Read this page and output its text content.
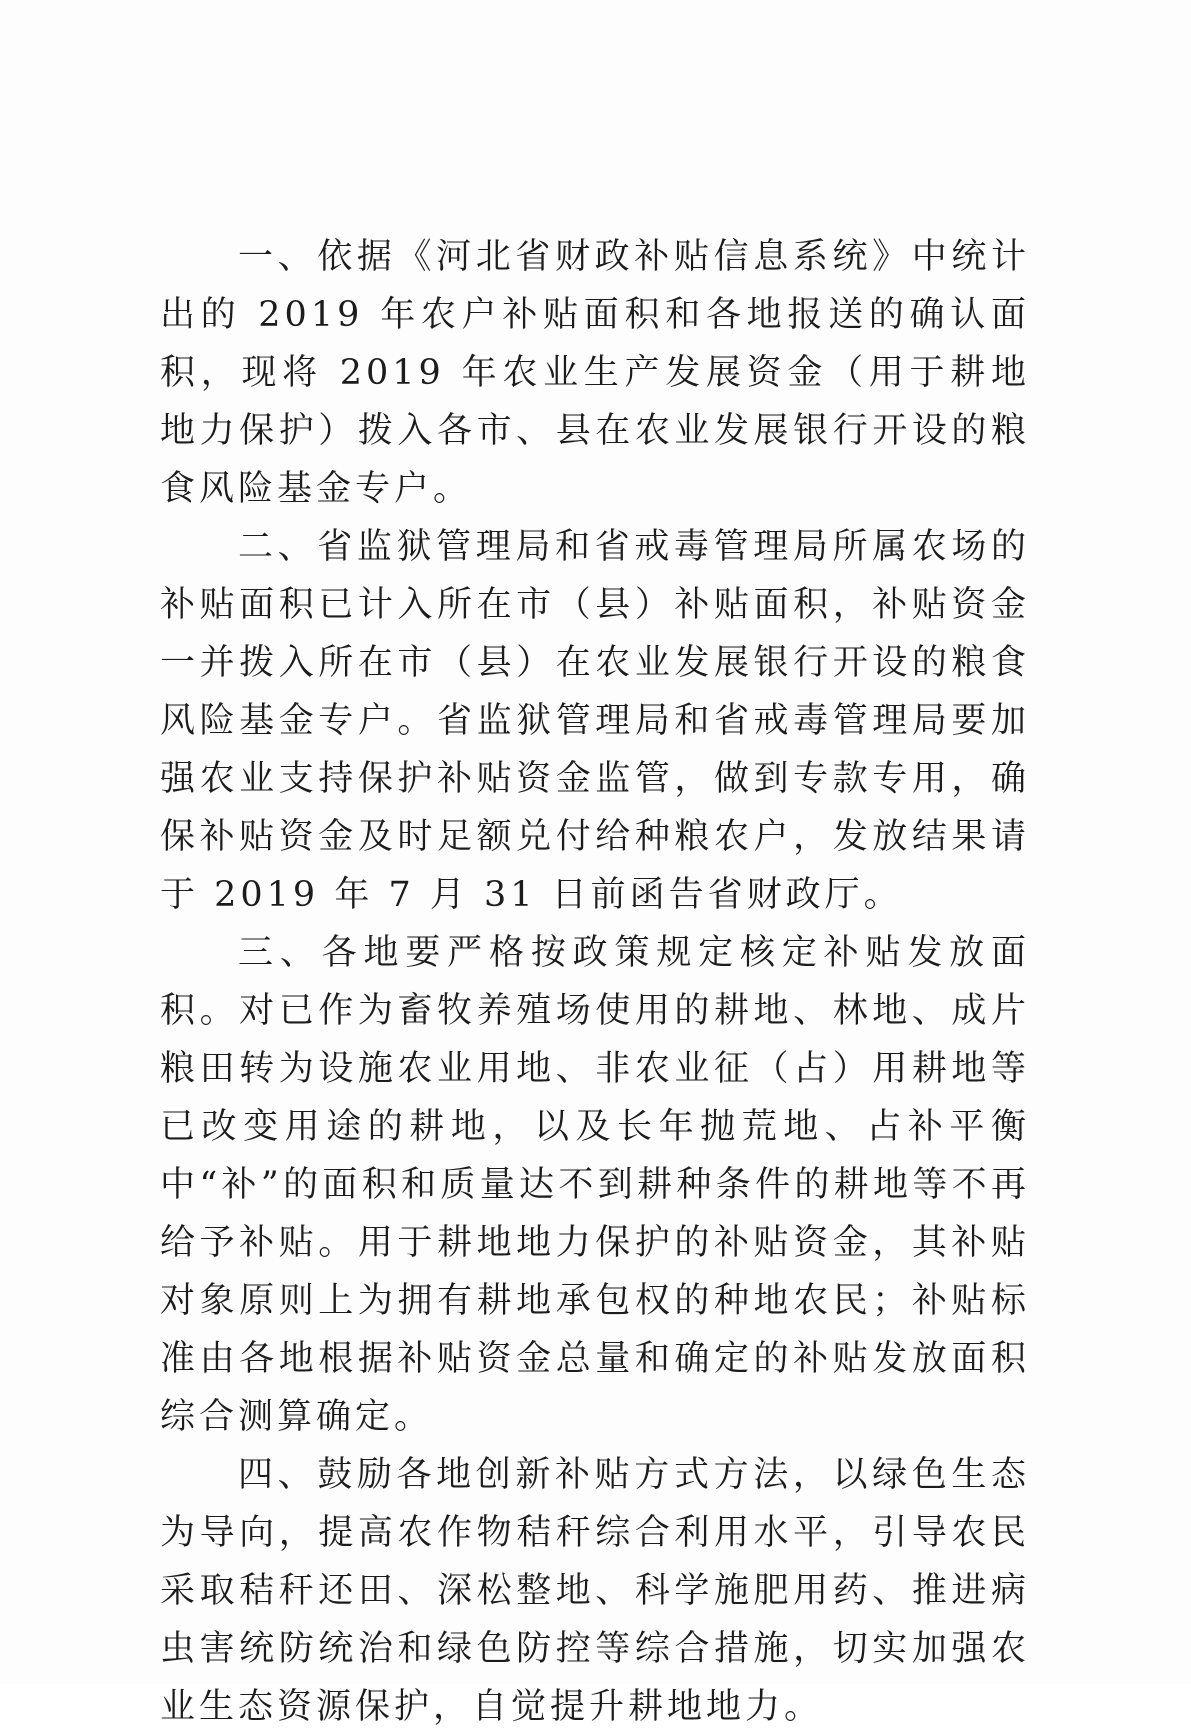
一、依据《河北省财政补贴信息系统》中统计出的 2019 年农户补贴面积和各地报送的确认面积，现将 2019 年农业生产发展资金（用于耕地地力保护）拨入各市、县在农业发展银行开设的粮食风险基金专户。

二、省监狱管理局和省戒毒管理局所属农场的补贴面积已计入所在市（县）补贴面积，补贴资金一并拨入所在市（县）在农业发展银行开设的粮食风险基金专户。省监狱管理局和省戒毒管理局要加强农业支持保护补贴资金监管，做到专款专用，确保补贴资金及时足额兑付给种粮农户，发放结果请于 2019 年 7 月 31 日前函告省财政厅。

三、各地要严格按政策规定核定补贴发放面积。对已作为畜牧养殖场使用的耕地、林地、成片粮田转为设施农业用地、非农业征（占）用耕地等已改变用途的耕地，以及长年抛荒地、占补平衡中“补”的面积和质量达不到耕种条件的耕地等不再给予补贴。用于耕地地力保护的补贴资金，其补贴对象原则上为拥有耕地承包权的种地农民；补贴标准由各地根据补贴资金总量和确定的补贴发放面积综合测算确定。

四、鼓励各地创新补贴方式方法，以绿色生态为导向，提高农作物秸秆综合利用水平，引导农民采取秸秆还田、深松整地、科学施肥用药、推进病虫害统防统治和绿色防控等综合措施，切实加强农业生态资源保护，自觉提升耕地地力。
